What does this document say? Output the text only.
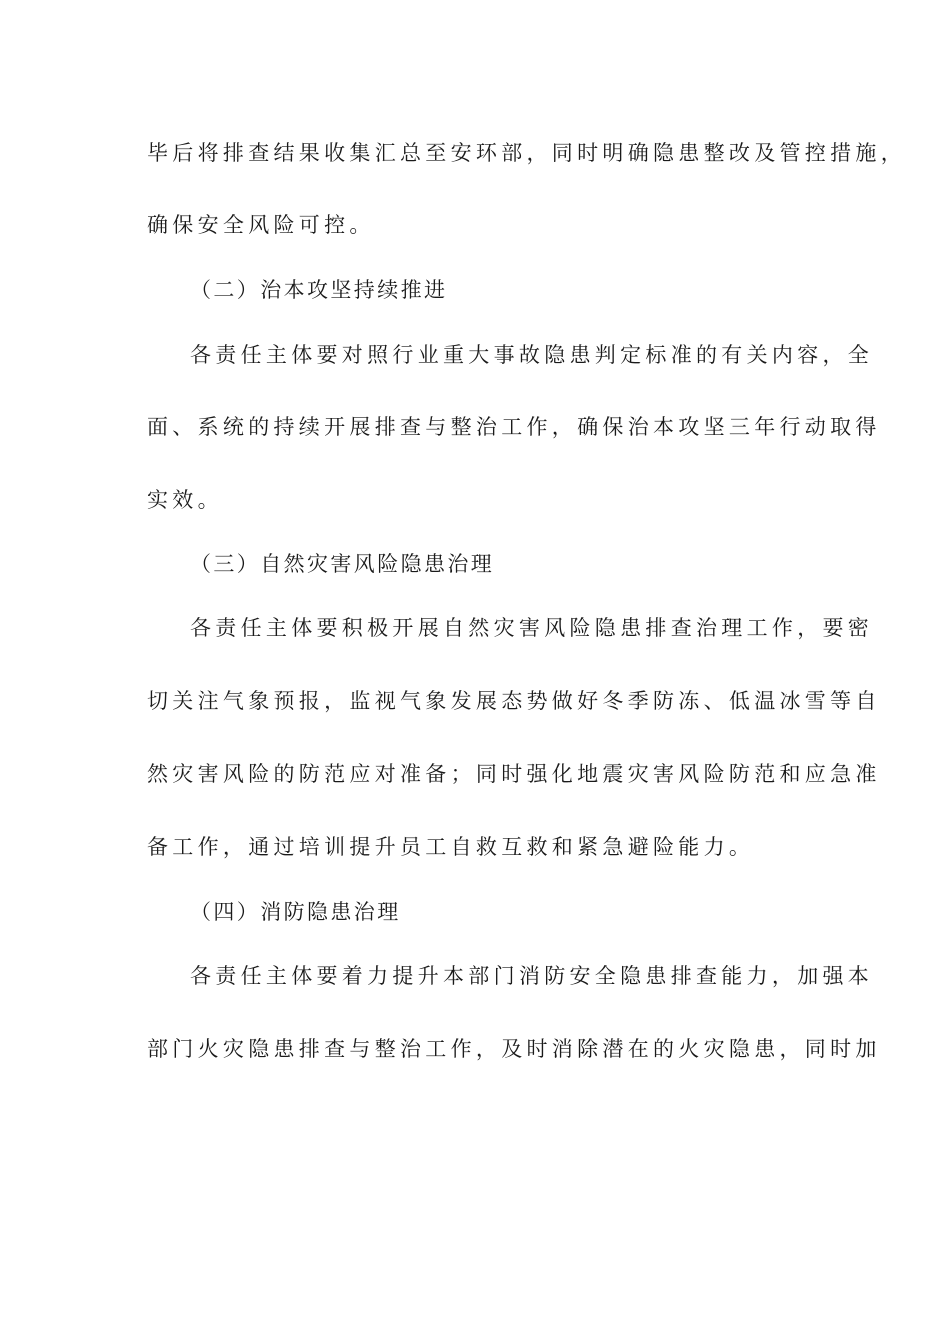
毕后将排查结果收集汇总至安环部，同时明确隐患整改及管控措施，
确保安全风险可控。
（二）治本攻坚持续推进
各责任主体要对照行业重大事故隐患判定标准的有关内容，全
面、系统的持续开展排查与整治工作，确保治本攻坚三年行动取得
实效。
（三）自然灾害风险隐患治理
各责任主体要积极开展自然灾害风险隐患排查治理工作，要密
切关注气象预报，监视气象发展态势做好冬季防冻、低温冰雪等自
然灾害风险的防范应对准备；同时强化地震灾害风险防范和应急准
备工作，通过培训提升员工自救互救和紧急避险能力。
（四）消防隐患治理
各责任主体要着力提升本部门消防安全隐患排查能力，加强本
部门火灾隐患排查与整治工作，及时消除潜在的火灾隐患，同时加
